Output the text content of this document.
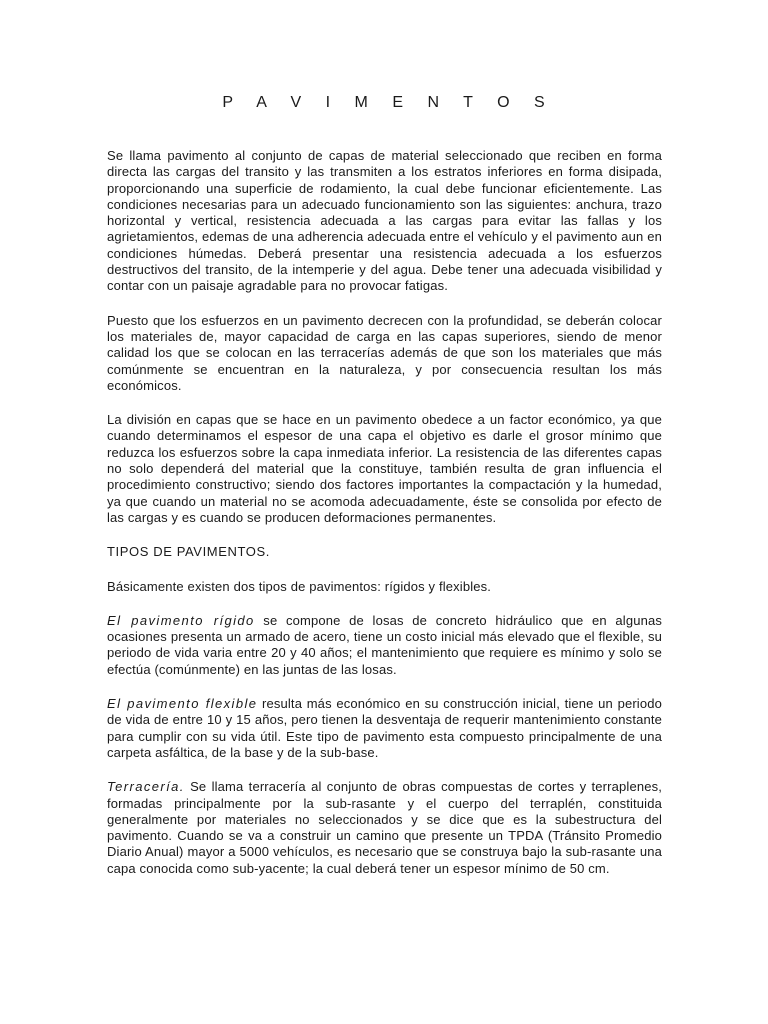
P A V I M E N T O S

Se llama pavimento al conjunto de capas de material seleccionado que reciben en forma directa las cargas del transito y las transmiten a los estratos inferiores en forma disipada, proporcionando una superficie de rodamiento, la cual debe funcionar eficientemente. Las condiciones necesarias para un adecuado funcionamiento son las siguientes: anchura, trazo horizontal y vertical, resistencia adecuada a las cargas para evitar las fallas y los agrietamientos, edemas de una adherencia adecuada entre el vehículo y el pavimento aun en condiciones húmedas. Deberá presentar una resistencia adecuada a los esfuerzos destructivos del transito, de la intemperie y del agua. Debe tener una adecuada visibilidad y contar con un paisaje agradable para no provocar fatigas.

Puesto que los esfuerzos en un pavimento decrecen con la profundidad, se deberán colocar los materiales de, mayor capacidad de carga en las capas superiores, siendo de menor calidad los que se colocan en las terracerías además de que son los materiales que más comúnmente se encuentran en la naturaleza, y por consecuencia resultan los más económicos.

La división en capas que se hace en un pavimento obedece a un factor económico, ya que cuando determinamos el espesor de una capa el objetivo es darle el grosor mínimo que reduzca los esfuerzos sobre la capa inmediata inferior. La resistencia de las diferentes capas no solo dependerá del material que la constituye, también resulta de gran influencia el procedimiento constructivo; siendo dos factores importantes la compactación y la humedad, ya que cuando un material no se acomoda adecuadamente, éste se consolida por efecto de las cargas y es cuando se producen deformaciones permanentes.

TIPOS DE PAVIMENTOS.

Básicamente existen dos tipos de pavimentos: rígidos y flexibles.

El pavimento rígido se compone de losas de concreto hidráulico que en algunas ocasiones presenta un armado de acero, tiene un costo inicial más elevado que el flexible, su periodo de vida varia entre 20 y 40 años; el mantenimiento que requiere es mínimo y solo se efectúa (comúnmente) en las juntas de las losas.

El pavimento flexible resulta más económico en su construcción inicial, tiene un periodo de vida de entre 10 y 15 años, pero tienen la desventaja de requerir mantenimiento constante para cumplir con su vida útil. Este tipo de pavimento esta compuesto principalmente de una carpeta asfáltica, de la base y de la sub-base.

Terracería. Se llama terracería al conjunto de obras compuestas de cortes y terraplenes, formadas principalmente por la sub-rasante y el cuerpo del terraplén, constituida generalmente por materiales no seleccionados y se dice que es la subestructura del pavimento. Cuando se va a construir un camino que presente un TPDA (Tránsito Promedio Diario Anual) mayor a 5000 vehículos, es necesario que se construya bajo la sub-rasante una capa conocida como sub-yacente; la cual deberá tener un espesor mínimo de 50 cm.
